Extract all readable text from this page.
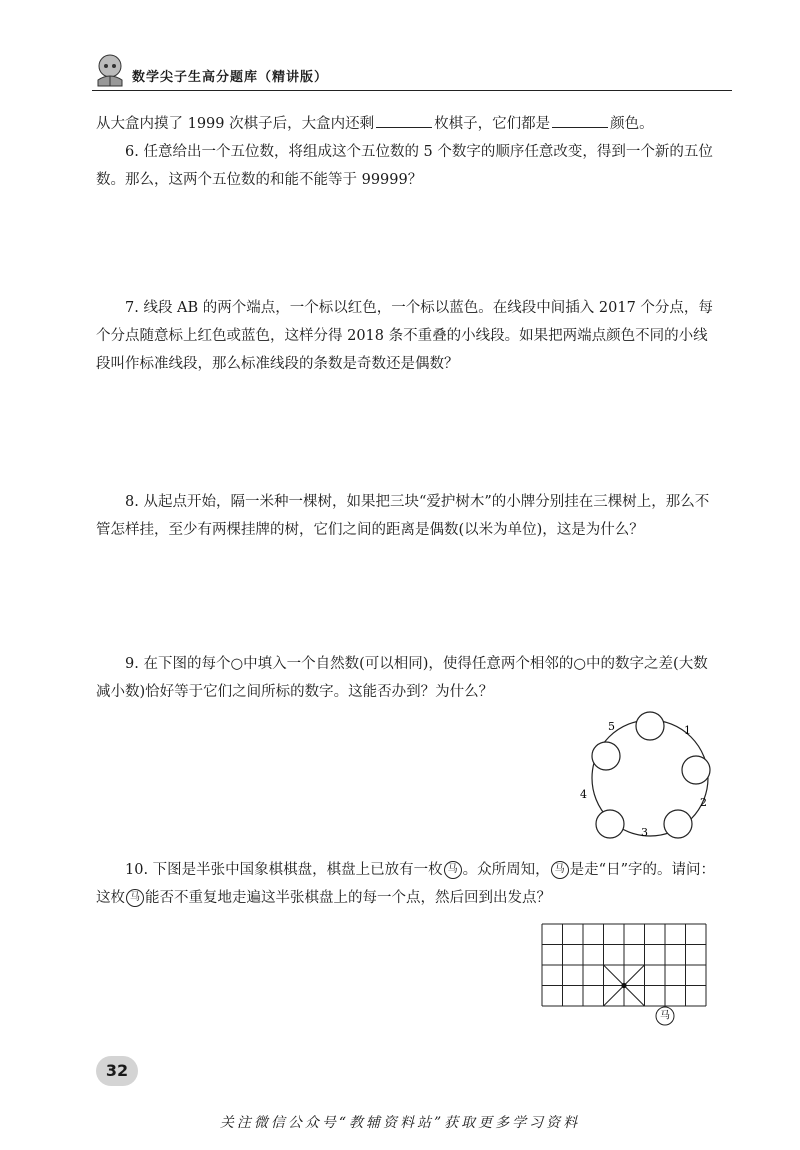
数学尖子生高分题库（精讲版）

从大盒内摸了 1999 次棋子后，大盒内还剩	枚棋子，它们都是	颜色。

6. 任意给出一个五位数，将组成这个五位数的 5 个数字的顺序任意改变，得到一个新的五位数。那么，这两个五位数的和能不能等于 99999？

7. 线段 AB 的两个端点，一个标以红色，一个标以蓝色。在线段中间插入 2017 个分点，每个分点随意标上红色或蓝色，这样分得 2018 条不重叠的小线段。如果把两端点颜色不同的小线段叫作标准线段，那么标准线段的条数是奇数还是偶数？

8. 从起点开始，隔一米种一棵树，如果把三块“爱护树木”的小牌分别挂在三棵树上，那么不管怎样挂，至少有两棵挂牌的树，它们之间的距离是偶数(以米为单位)，这是为什么？

9. 在下图的每个○中填入一个自然数(可以相同)，使得任意两个相邻的○中的数字之差(大数减小数)恰好等于它们之间所标的数字。这能否办到？为什么？

1
2
3
4
5

10. 下图是半张中国象棋棋盘，棋盘上已放有一枚 马 。众所周知， 马 是走“日”字的。请问：这枚 马 能否不重复地走遍这半张棋盘上的每一个点，然后回到出发点？

马
32
关注微信公众号“教辅资料站”获取更多学习资料
